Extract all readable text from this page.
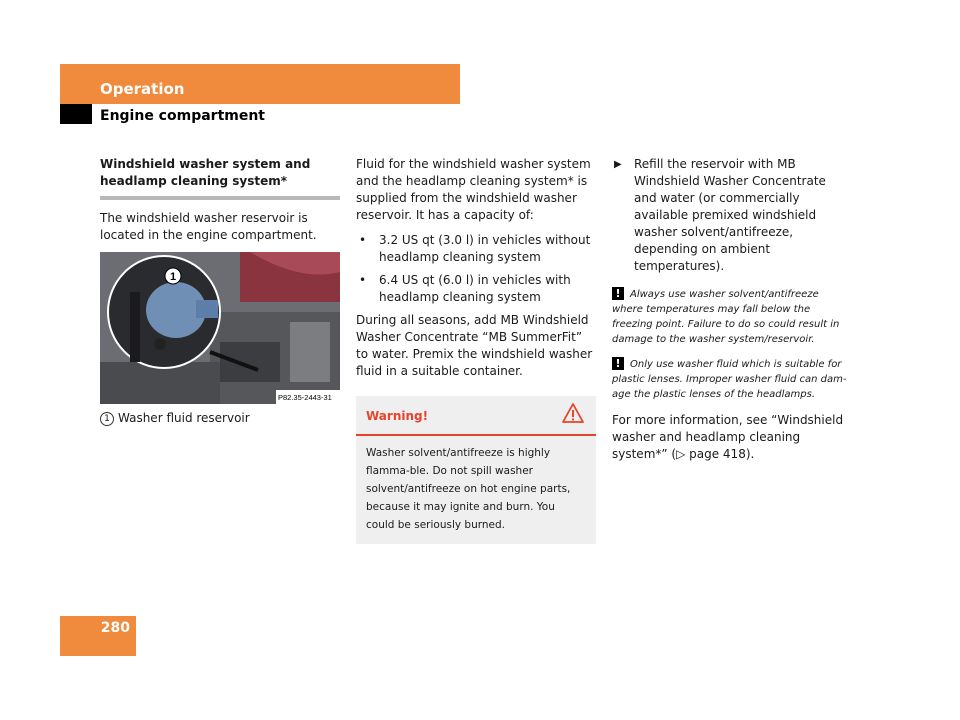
Operation
Engine compartment
Windshield washer system and headlamp cleaning system*

The windshield washer reservoir is located in the engine compartment.

1
P82.35-2443-31
1 Washer fluid reservoir

Fluid for the windshield washer system and the headlamp cleaning system* is supplied from the windshield washer reservoir. It has a capacity of:

•	3.2 US qt (3.0 l) in vehicles without headlamp cleaning system
•	6.4 US qt (6.0 l) in vehicles with headlamp cleaning system

During all seasons, add MB Windshield Washer Concentrate “MB SummerFit” to water. Premix the windshield washer fluid in a suitable container.

Warning!
Washer solvent/antifreeze is highly flamma-ble. Do not spill washer solvent/antifreeze on hot engine parts, because it may ignite and burn. You could be seriously burned.
▶	Refill the reservoir with MB Windshield Washer Concentrate and water (or commercially available premixed windshield washer solvent/antifreeze, depending on ambient temperatures).
! Always use washer solvent/antifreeze where temperatures may fall below the freezing point. Failure to do so could result in damage to the washer system/reservoir.
! Only use washer fluid which is suitable for plastic lenses. Improper washer fluid can dam-age the plastic lenses of the headlamps.

For more information, see “Windshield washer and headlamp cleaning system*” (▷ page 418).

280
